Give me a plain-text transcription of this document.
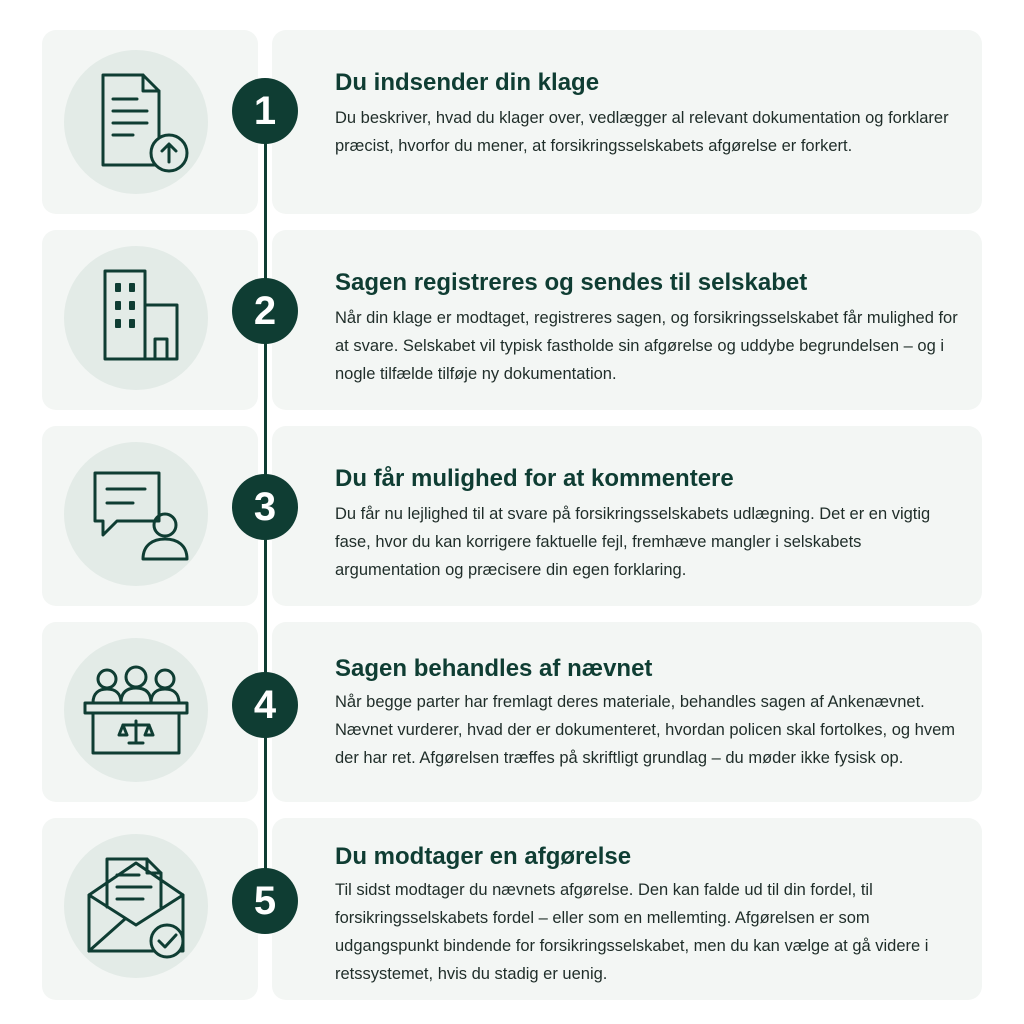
1
Du indsender din klage

Du beskriver, hvad du klager over, vedlægger al relevant dokumentation og forklarer præcist, hvorfor du mener, at forsikringsselskabets afgørelse er forkert.

2
Sagen registreres og sendes til selskabet

Når din klage er modtaget, registreres sagen, og forsikringsselskabet får mulighed for at svare. Selskabet vil typisk fastholde sin afgørelse og uddybe begrundelsen – og i nogle tilfælde tilføje ny dokumentation.

3
Du får mulighed for at kommentere

Du får nu lejlighed til at svare på forsikringsselskabets udlægning. Det er en vigtig fase, hvor du kan korrigere faktuelle fejl, fremhæve mangler i selskabets argumentation og præcisere din egen forklaring.

4
Sagen behandles af nævnet

Når begge parter har fremlagt deres materiale, behandles sagen af Ankenævnet. Nævnet vurderer, hvad der er dokumenteret, hvordan policen skal fortolkes, og hvem der har ret. Afgørelsen træffes på skriftligt grundlag – du møder ikke fysisk op.

5
Du modtager en afgørelse

Til sidst modtager du nævnets afgørelse. Den kan falde ud til din fordel, til forsikringsselskabets fordel – eller som en mellemting. Afgørelsen er som udgangspunkt bindende for forsikringsselskabet, men du kan vælge at gå videre i retssystemet, hvis du stadig er uenig.
